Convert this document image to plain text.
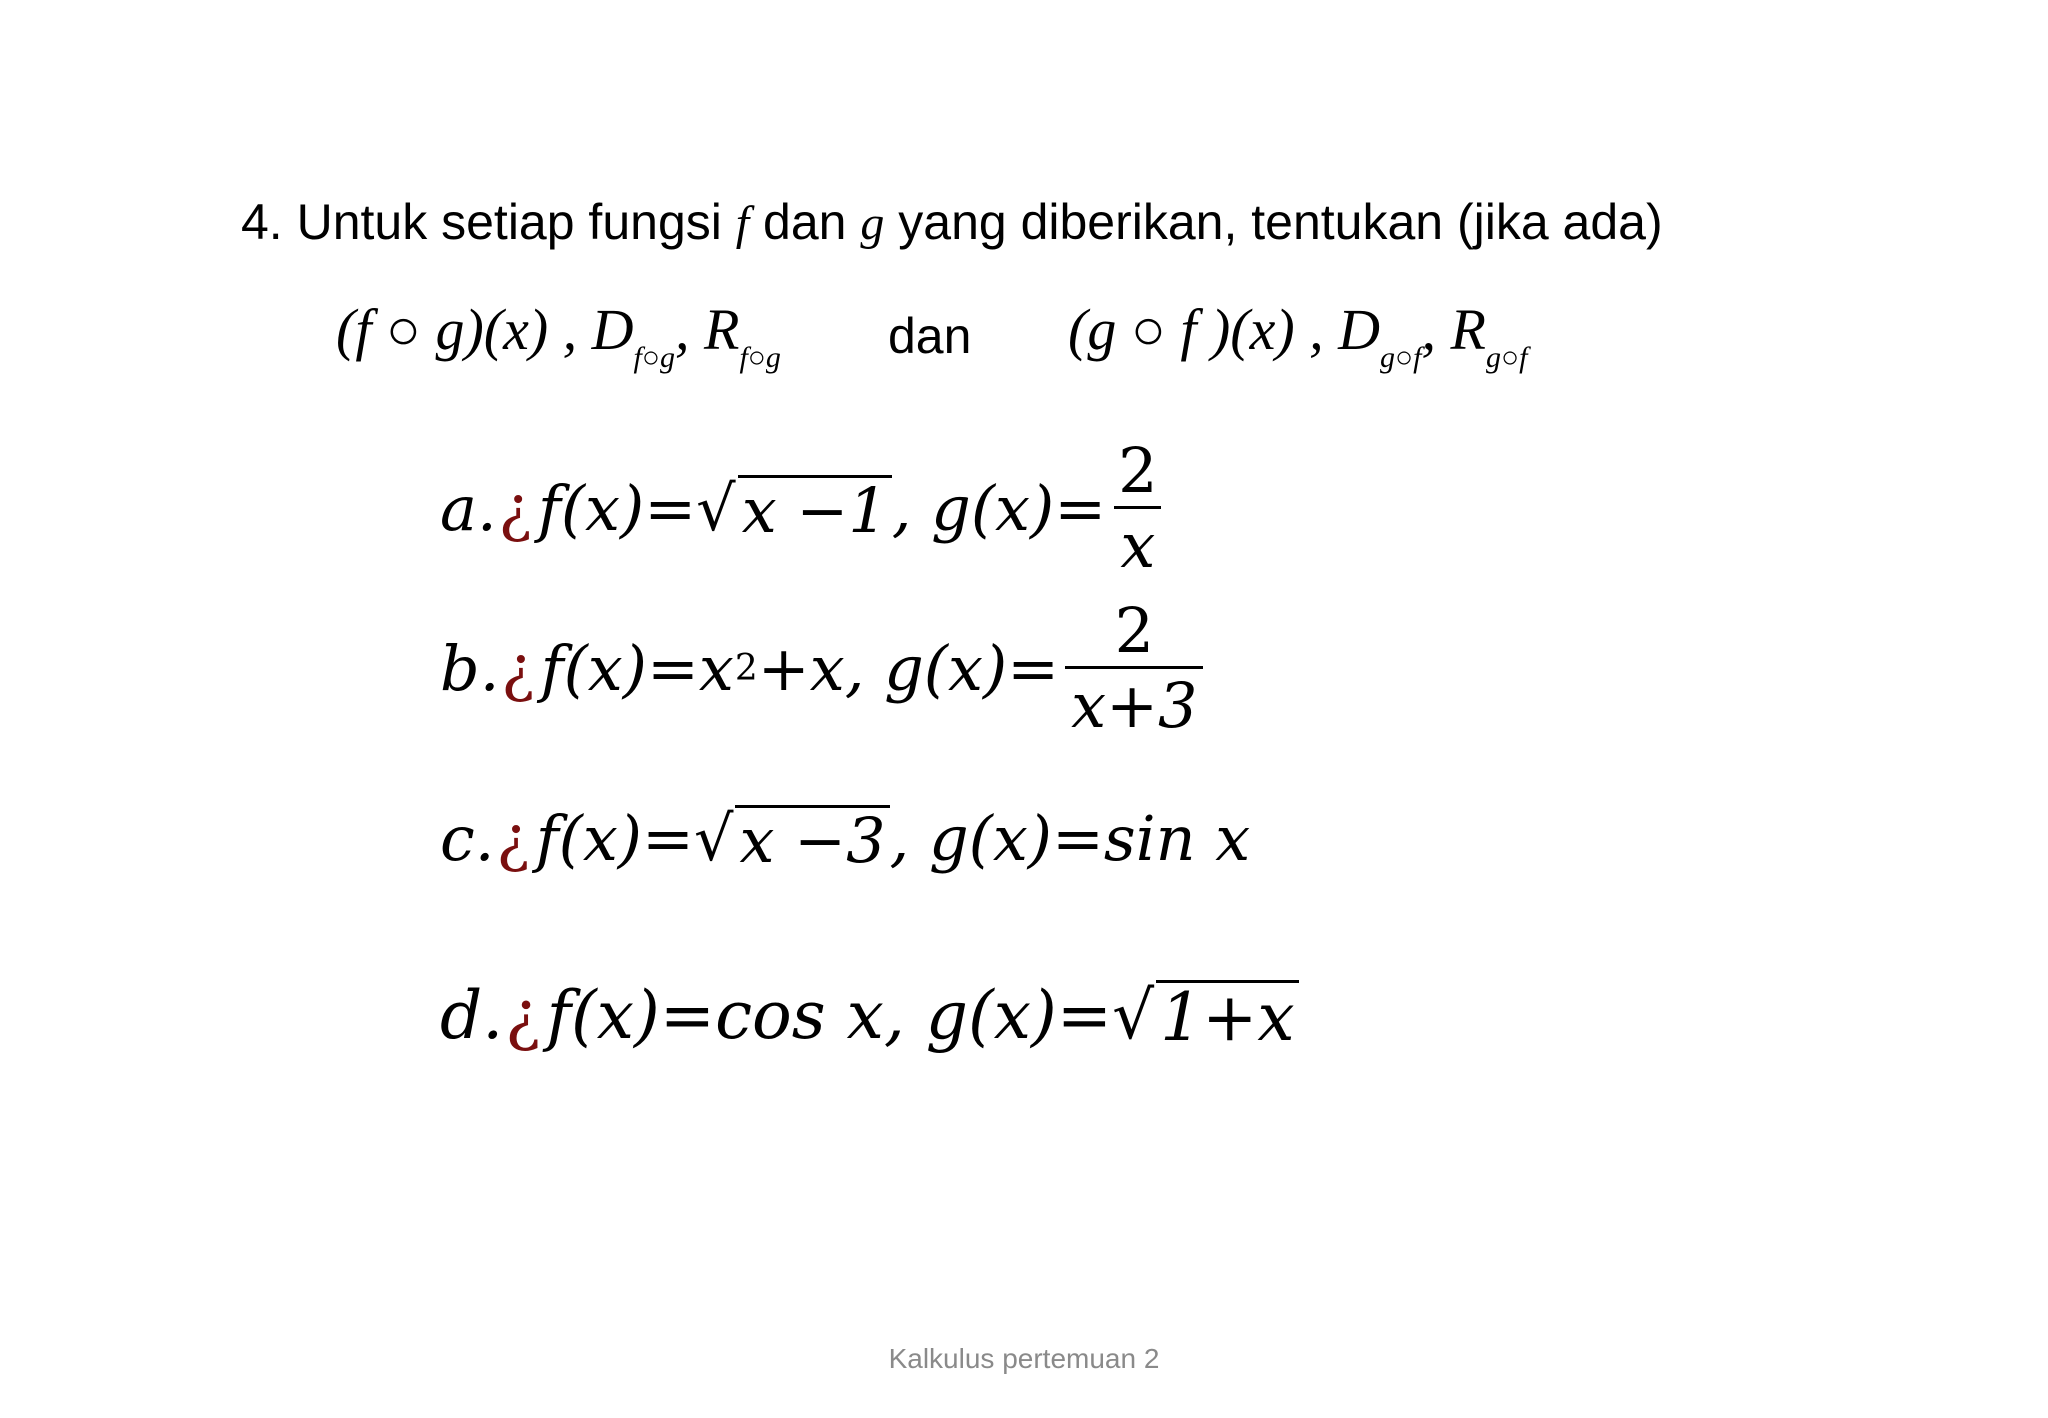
4. Untuk setiap fungsi f dan g yang diberikan, tentukan (jika ada)
(f ○ g)(x) , $D_{f○g}$, $R_{f○g}$ dan (g ○ f )(x) , $D_{g○f}$, $R_{g○f}$
a. ¿ f(x)= √ x −1 , $g(x)= \frac{2}{x}$
b. ¿ f(x)=x 2 +x , $g(x)= \frac{2}{x+3}$
c. ¿ f(x)= √ x −3 , g(x)=sin x
d. ¿ f(x)=cos x , g(x)= √ 1+x
Kalkulus pertemuan 2
